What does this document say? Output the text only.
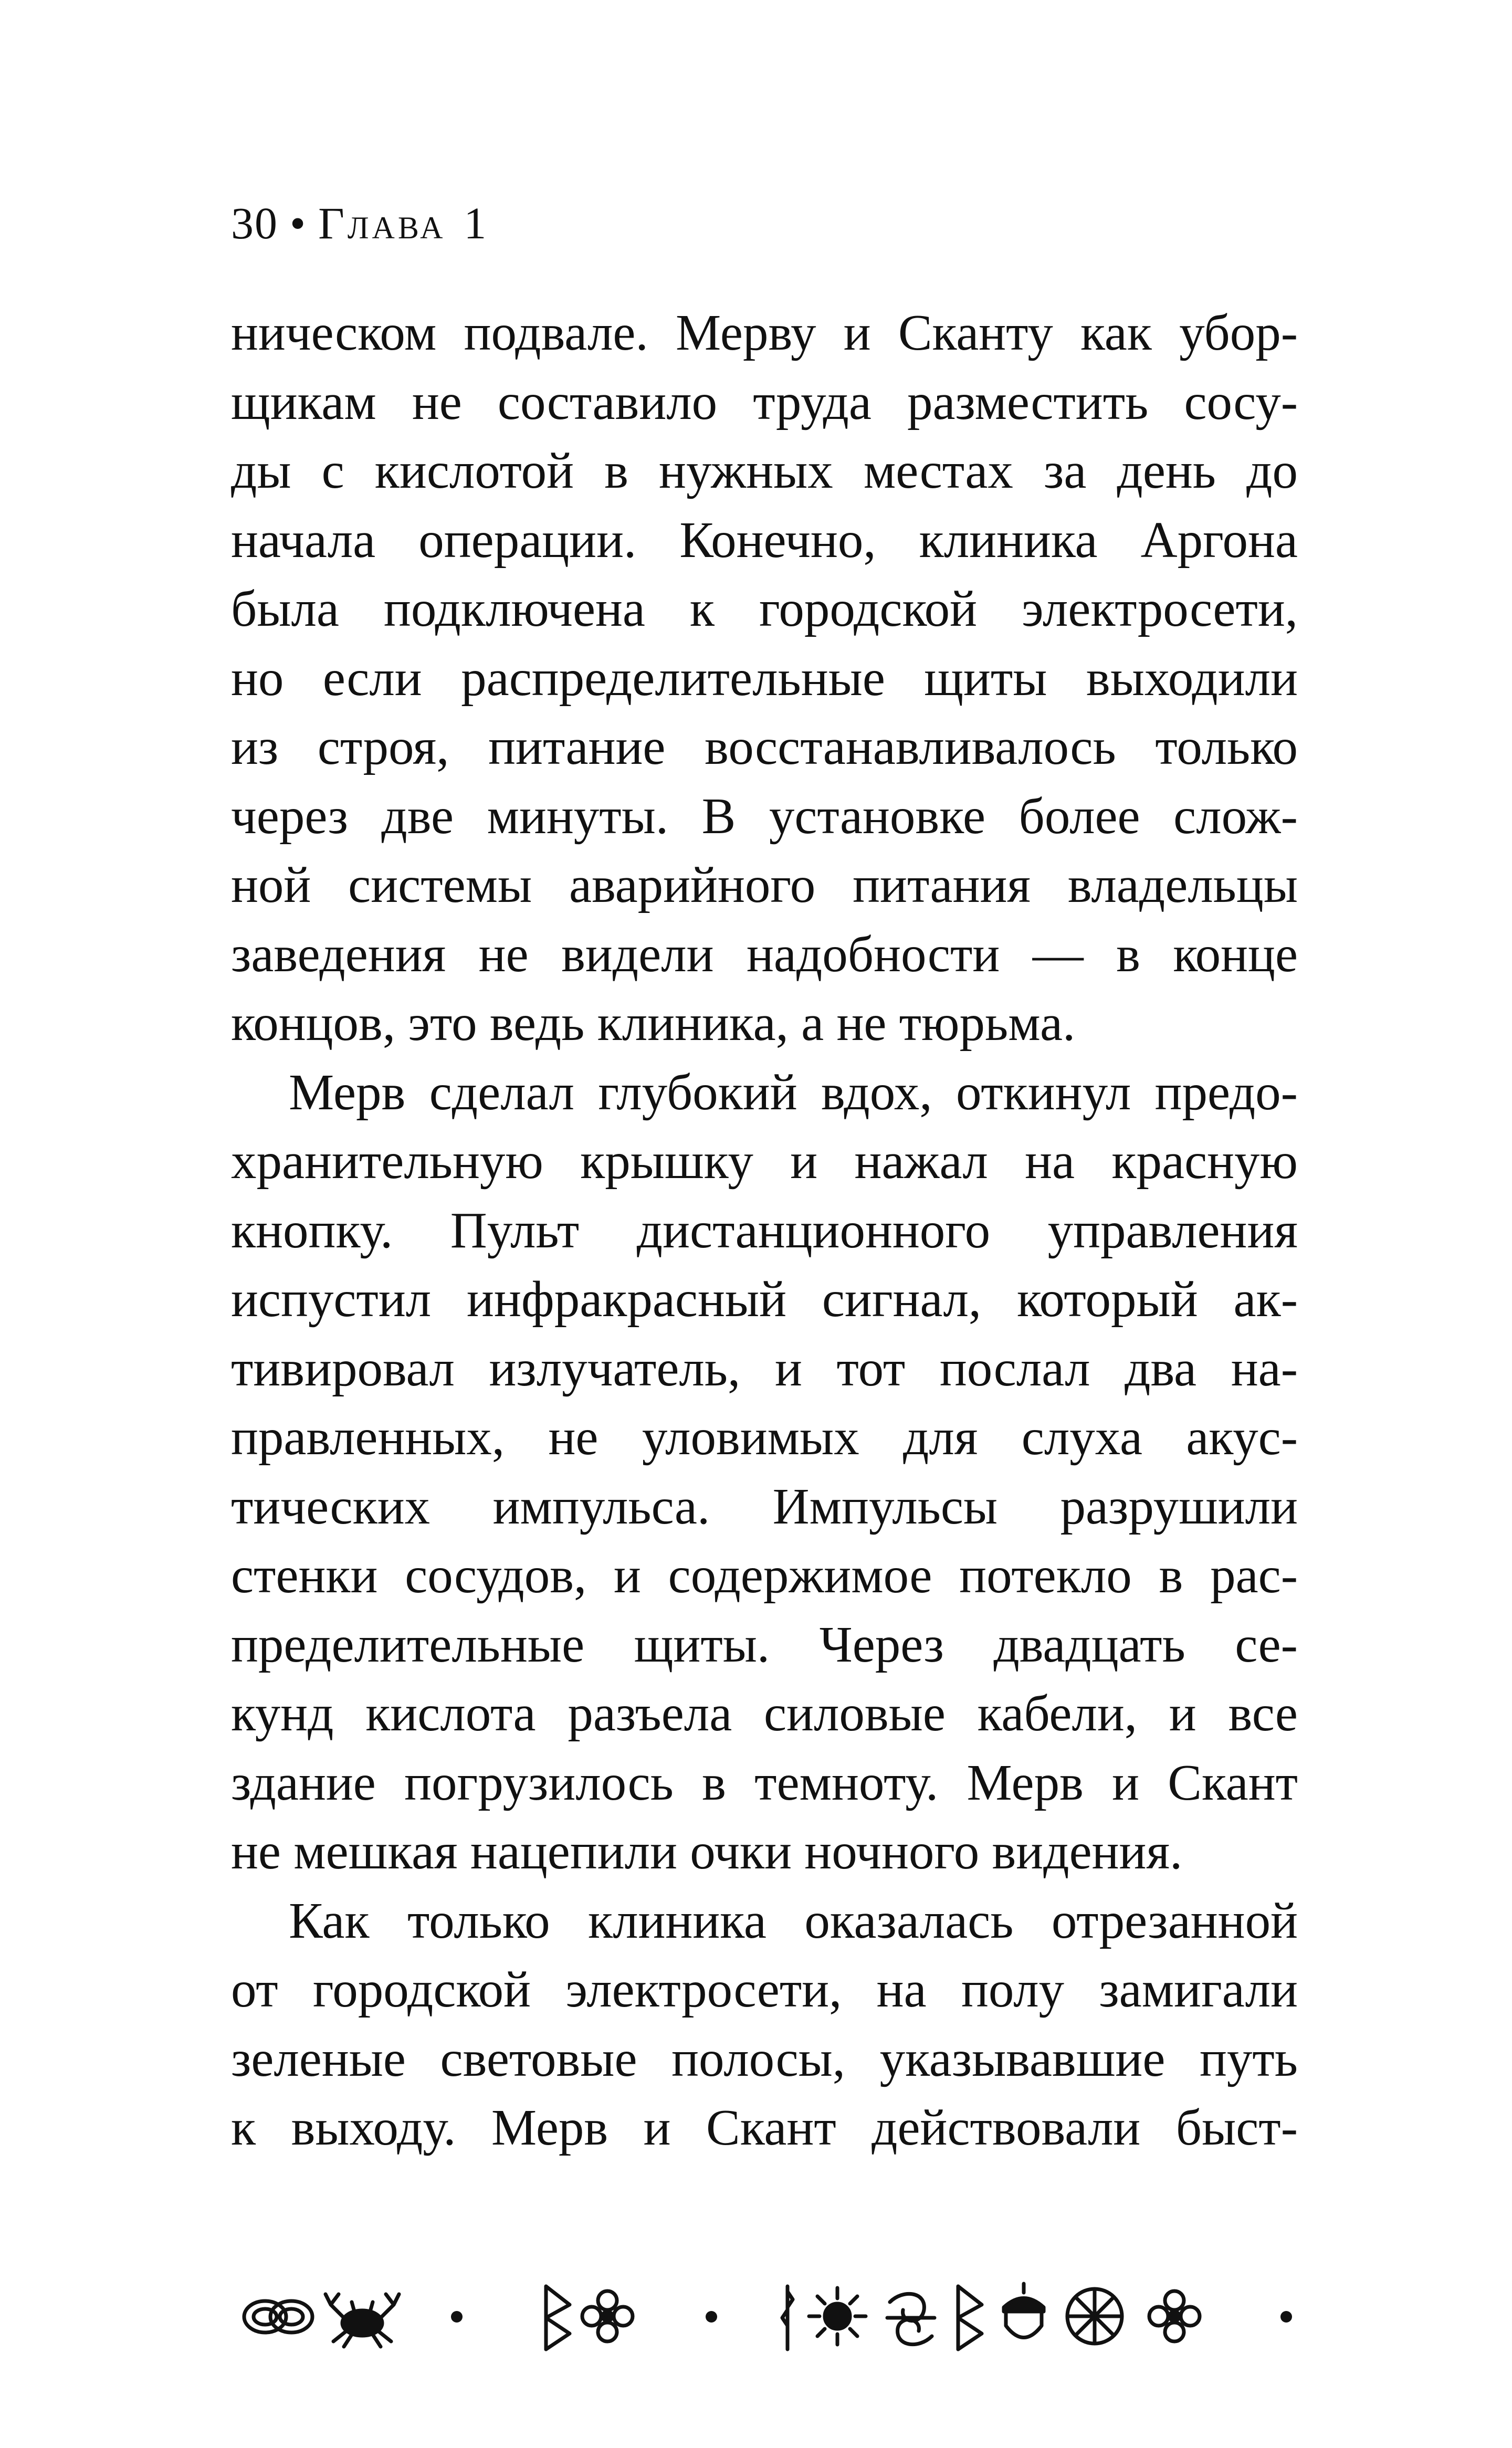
30 • Глава 1
ническом подвале. Мерву и Сканту как убор-
щикам не составило труда разместить сосу-
ды с кислотой в нужных местах за день до
начала операции. Конечно, клиника Аргона
была подключена к городской электросети,
но если распределительные щиты выходили
из строя, питание восстанавливалось только
через две минуты. В установке более слож-
ной системы аварийного питания владельцы
заведения не видели надобности — в конце
концов, это ведь клиника, а не тюрьма.
Мерв сделал глубокий вдох, откинул предо-
хранительную крышку и нажал на красную
кнопку. Пульт дистанционного управления
испустил инфракрасный сигнал, который ак-
тивировал излучатель, и тот послал два на-
правленных, не уловимых для слуха акус-
тических импульса. Импульсы разрушили
стенки сосудов, и содержимое потекло в рас-
пределительные щиты. Через двадцать се-
кунд кислота разъела силовые кабели, и все
здание погрузилось в темноту. Мерв и Скант
не мешкая нацепили очки ночного видения.
Как только клиника оказалась отрезанной
от городской электросети, на полу замигали
зеленые световые полосы, указывавшие путь
к выходу. Мерв и Скант действовали быст-
